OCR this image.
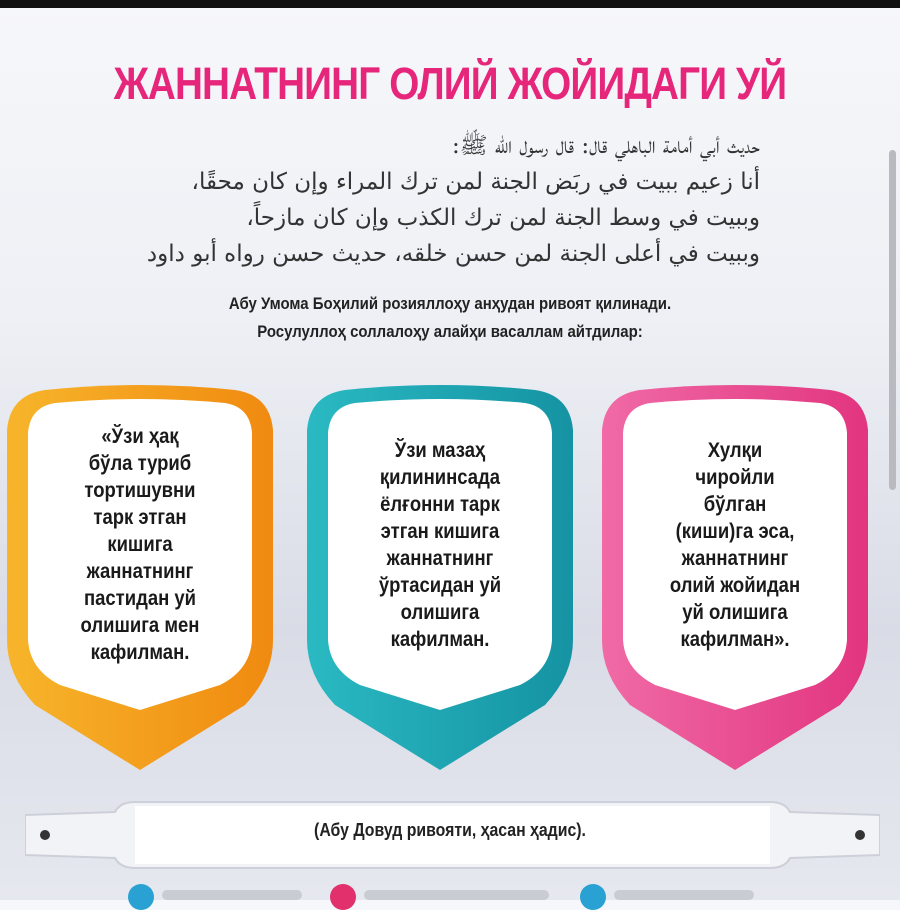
ЖАННАТНИНГ ОЛИЙ ЖОЙИДАГИ УЙ
حديث أبي أمامة الباهلي قال: قال رسول الله ﷺ:
أنا زعيم ببيت في ربَض الجنة لمن ترك المراء وإن كان محقًا،
وببيت في وسط الجنة لمن ترك الكذب وإن كان مازحاً،
وببيت في أعلى الجنة لمن حسن خلقه، حديث حسن رواه أبو داود
Абу Умома Боҳилий розияллоҳу анҳудан ривоят қилинади.
Росулуллоҳ соллалоҳу алайҳи васаллам айтдилар:
«Ўзи ҳақ
бўла туриб
тортишувни
тарк этган
кишига
жаннатнинг
пастидан уй
олишига мен
кафилман.
Ўзи мазаҳ
қилининсада
ёлғонни тарк
этган кишига
жаннатнинг
ўртасидан уй
олишига
кафилман.
Хулқи
чиройли
бўлган
(киши)га эса,
жаннатнинг
олий жойидан
уй олишига
кафилман».
(Абу Довуд ривояти, ҳасан ҳадис).
